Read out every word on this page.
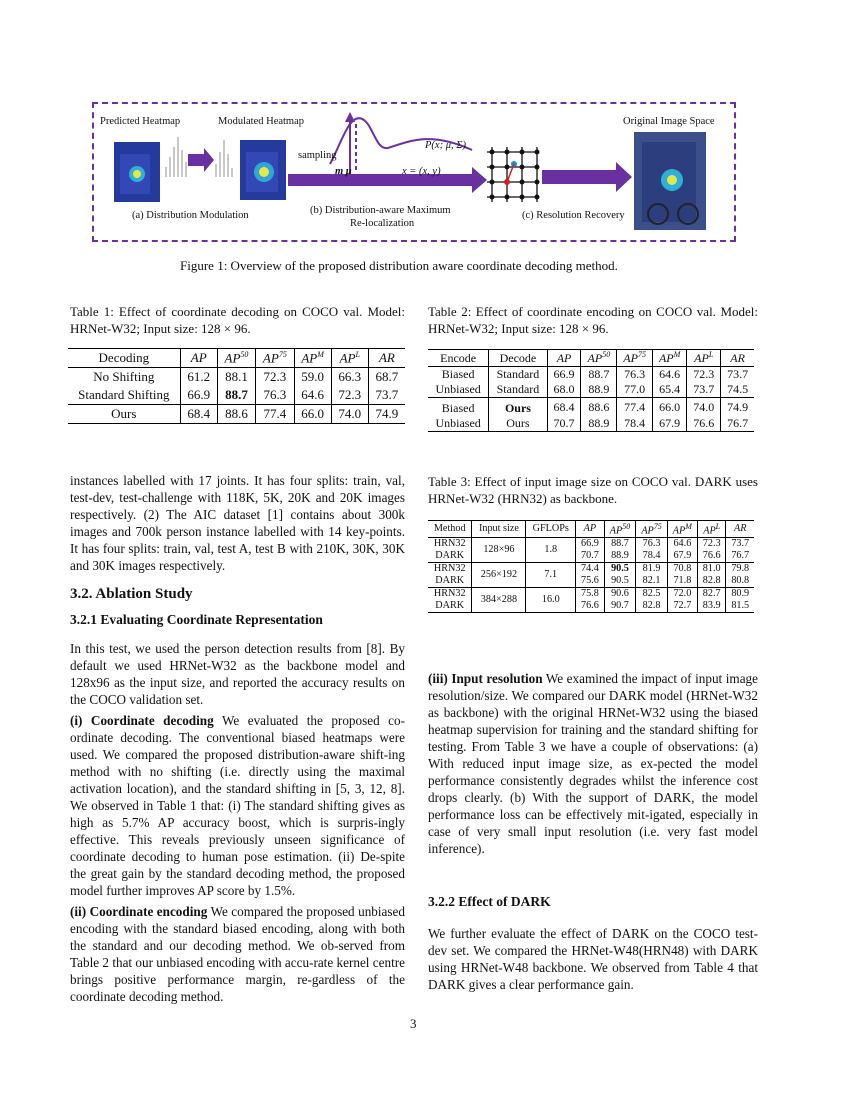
Predicted Heatmap	Modulated Heatmap	Original Image Space
sampling
m μ	x = (x, y)
P(x; μ, Σ)
(a) Distribution Modulation	(b) Distribution-aware Maximum
Re-localization
(c) Resolution Recovery
Figure 1: Overview of the proposed distribution aware coordinate decoding method.
Table 1: Effect of coordinate decoding on COCO val. Model: HRNet-W32; Input size: 128 × 96.
Decoding	AP	AP$^{50}$	AP$^{75}$	$AP^M$	$AP^L$	AR
No Shifting	61.2	88.1	72.3	59.0	66.3	68.7
Standard Shifting	66.9	88.7	76.3	64.6	72.3	73.7
Ours	68.4	88.6	77.4	66.0	74.0	74.9
Table 2: Effect of coordinate encoding on COCO val. Model: HRNet-W32; Input size: 128 × 96.
Encode	Decode	AP	AP$^{50}$	AP$^{75}$	$AP^M$	$AP^L$	AR
Biased	Standard	66.9	88.7	76.3	64.6	72.3	73.7
Unbiased	Standard	68.0	88.9	77.0	65.4	73.7	74.5
Biased	Ours	68.4	88.6	77.4	66.0	74.0	74.9
Unbiased	Ours	70.7	88.9	78.4	67.9	76.6	76.7
Table 3: Effect of input image size on COCO val. DARK uses HRNet-W32 (HRN32) as backbone.
Method	Input size	GFLOPs	AP	AP$^{50}$	AP$^{75}$	$AP^M$	$AP^L$	AR
HRN32	128×96	1.8	66.9	88.7	76.3	64.6	72.3	73.7
DARK			70.7	88.9	78.4	67.9	76.6	76.7
HRN32	256×192	7.1	74.4	90.5	81.9	70.8	81.0	79.8
DARK			75.6	90.5	82.1	71.8	82.8	80.8
HRN32	384×288	16.0	75.8	90.6	82.5	72.0	82.7	80.9
DARK			76.6	90.7	82.8	72.7	83.9	81.5

instances labelled with 17 joints. It has four splits: train, val, test-dev, test-challenge with 118K, 5K, 20K and 20K images respectively. (2) The AIC dataset [1] contains about 300k images and 700k person instance labelled with 14 key-points. It has four splits: train, val, test A, test B with 210K, 30K, 30K and 30K images respectively.

3.2. Ablation Study
3.2.1 Evaluating Coordinate Representation

In this test, we used the person detection results from [8]. By default we used HRNet-W32 as the backbone model and 128x96 as the input size, and reported the accuracy results on the COCO validation set.

(i) Coordinate decoding We evaluated the proposed co-ordinate decoding. The conventional biased heatmaps were used. We compared the proposed distribution-aware shift-ing method with no shifting (i.e. directly using the maximal activation location), and the standard shifting in [5, 3, 12, 8]. We observed in Table 1 that: (i) The standard shifting gives as high as 5.7% AP accuracy boost, which is surpris-ingly effective. This reveals previously unseen significance of coordinate decoding to human pose estimation. (ii) De-spite the great gain by the standard decoding method, the proposed model further improves AP score by 1.5%.

(ii) Coordinate encoding We compared the proposed unbiased encoding with the standard biased encoding, along with both the standard and our decoding method. We ob-served from Table 2 that our unbiased encoding with accu-rate kernel centre brings positive performance margin, re-gardless of the coordinate decoding method.

(iii) Input resolution We examined the impact of input image resolution/size. We compared our DARK model (HRNet-W32 as backbone) with the original HRNet-W32 using the biased heatmap supervision for training and the standard shifting for testing. From Table 3 we have a couple of observations: (a) With reduced input image size, as ex-pected the model performance consistently degrades whilst the inference cost drops clearly. (b) With the support of DARK, the model performance loss can be effectively mit-igated, especially in case of very small input resolution (i.e. very fast model inference).

3.2.2 Effect of DARK

We further evaluate the effect of DARK on the COCO test-dev set. We compared the HRNet-W48(HRN48) with DARK using HRNet-W48 backbone. We observed from Table 4 that DARK gives a clear performance gain.

3
